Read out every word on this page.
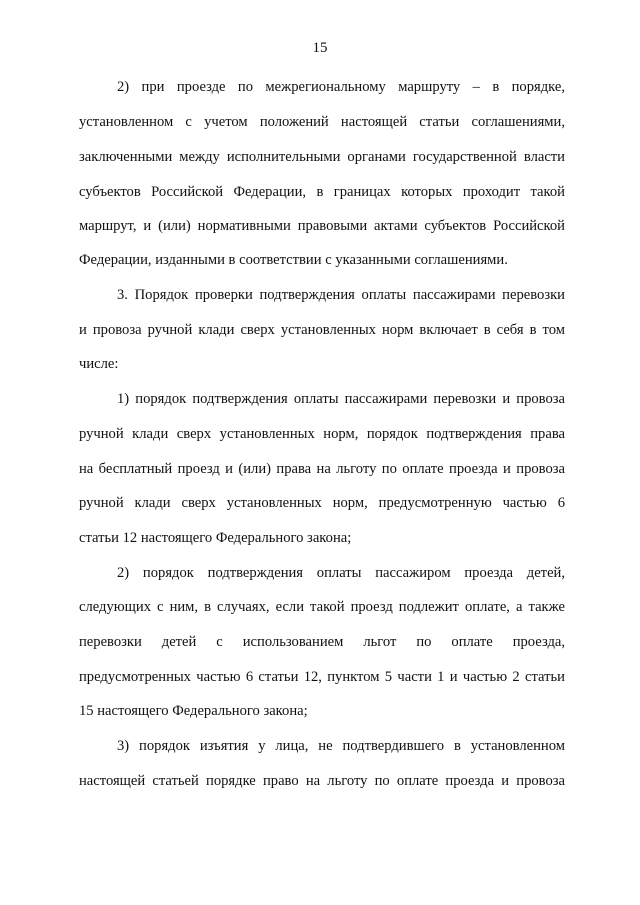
15
2) при проезде по межрегиональному маршруту – в порядке,
установленном с учетом положений настоящей статьи соглашениями,
заключенными между исполнительными органами государственной власти
субъектов Российской Федерации, в границах которых проходит такой
маршрут, и (или) нормативными правовыми актами субъектов Российской
Федерации, изданными в соответствии с указанными соглашениями.
3. Порядок проверки подтверждения оплаты пассажирами перевозки
и провоза ручной клади сверх установленных норм включает в себя в том
числе:
1) порядок подтверждения оплаты пассажирами перевозки и провоза
ручной клади сверх установленных норм, порядок подтверждения права
на бесплатный проезд и (или) права на льготу по оплате проезда и провоза
ручной клади сверх установленных норм, предусмотренную частью 6
статьи 12 настоящего Федерального закона;
2) порядок подтверждения оплаты пассажиром проезда детей,
следующих с ним, в случаях, если такой проезд подлежит оплате, а также
перевозки детей с использованием льгот по оплате проезда,
предусмотренных частью 6 статьи 12, пунктом 5 части 1 и частью 2 статьи
15 настоящего Федерального закона;
3) порядок изъятия у лица, не подтвердившего в установленном
настоящей статьей порядке право на льготу по оплате проезда и провоза
